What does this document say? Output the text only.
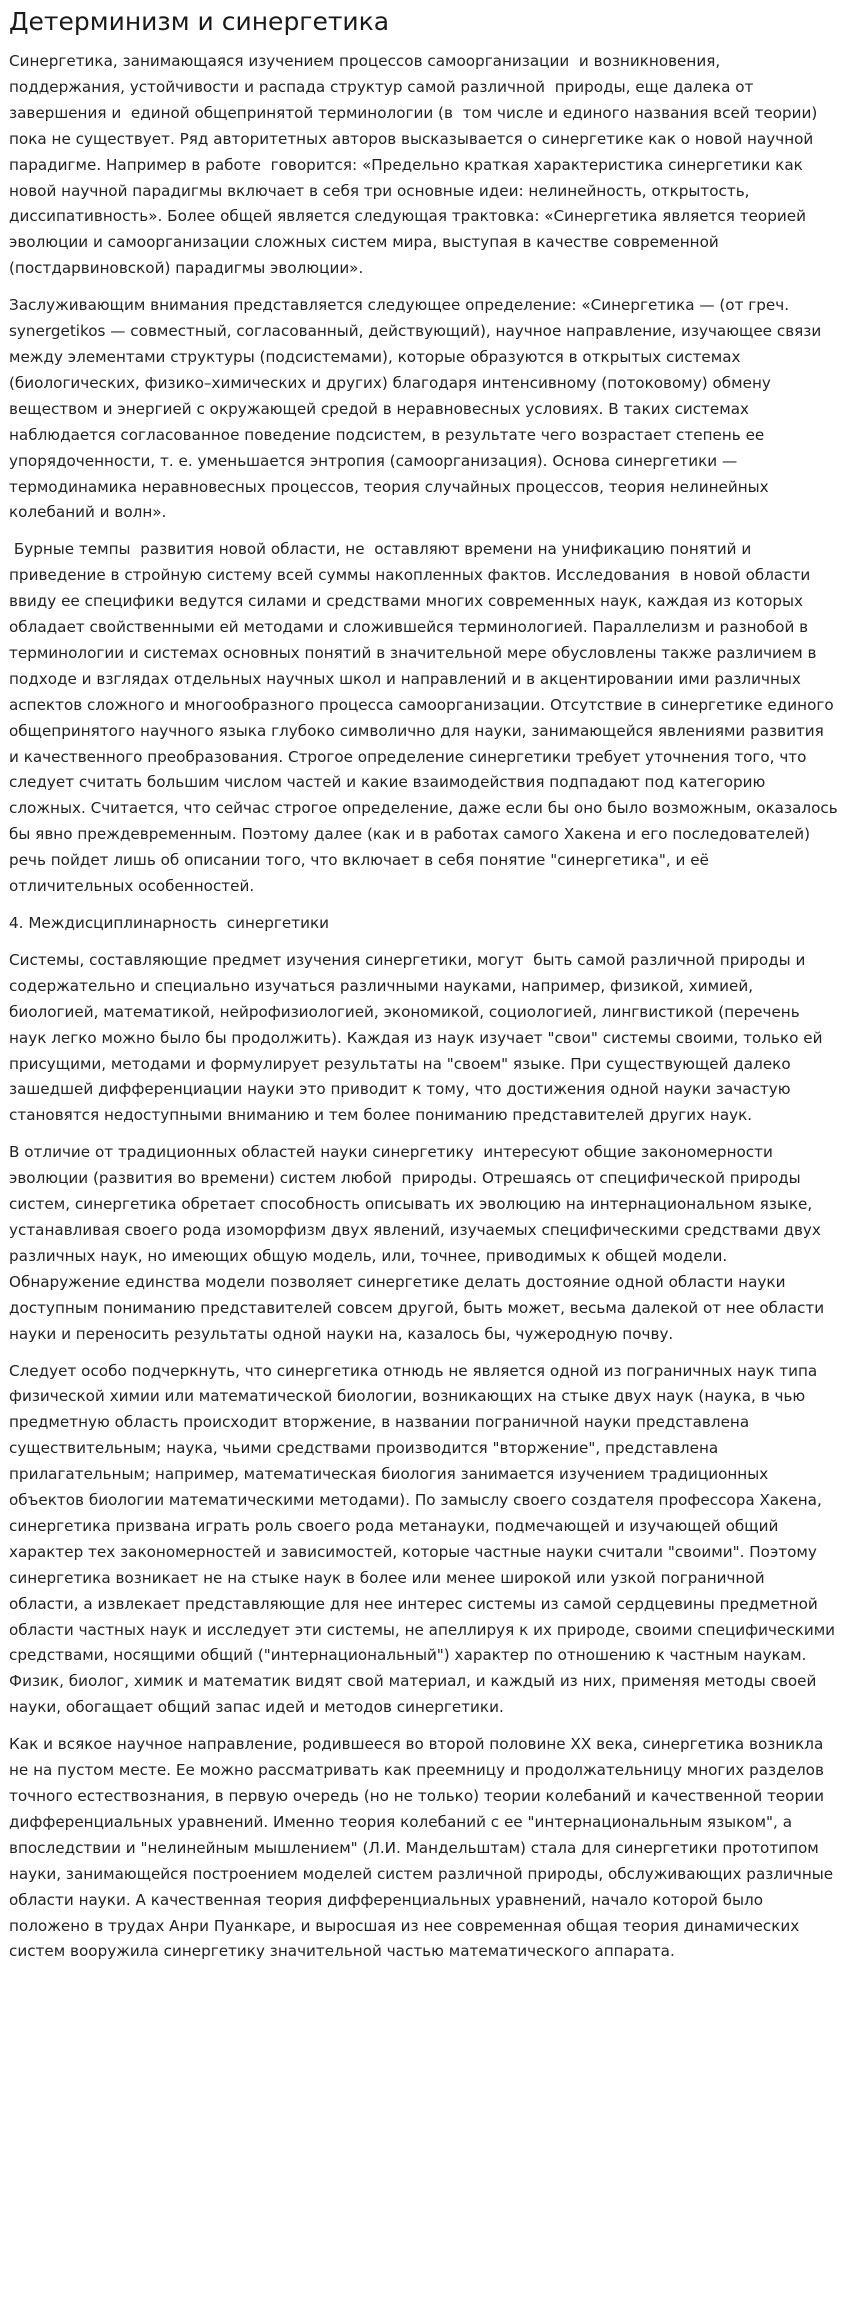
Детерминизм и синергетика

Синергетика, занимающаяся изучением процессов самоорганизации  и возникновения, поддержания, устойчивости и распада структур самой различной  природы, еще далека от завершения и  единой общепринятой терминологии (в  том числе и единого названия всей теории) пока не существует. Ряд авторитетных авторов высказывается о синергетике как о новой научной парадигме. Например в работе  говорится: «Предельно краткая характеристика синергетики как новой научной парадигмы включает в себя три основные идеи: нелинейность, открытость, диссипативность». Более общей является следующая трактовка: «Синергетика является теорией эволюции и самоорганизации сложных систем мира, выступая в качестве современной (постдарвиновской) парадигмы эволюции».

Заслуживающим внимания представляется следующее определение: «Синергетика — (от греч. synergetikos — совместный, согласованный, действующий), научное направление, изучающее связи между элементами структуры (подсистемами), которые образуются в открытых системах (биологических, физико–химических и других) благодаря интенсивному (потоковому) обмену веществом и энергией с окружающей средой в неравновесных условиях. В таких системах наблюдается согласованное поведение подсистем, в результате чего возрастает степень ее упорядоченности, т. е. уменьшается энтропия (самоорганизация). Основа синергетики — термодинамика неравновесных процессов, теория случайных процессов, теория нелинейных колебаний и волн».

Бурные темпы  развития новой области, не  оставляют времени на унификацию понятий и приведение в стройную систему всей суммы накопленных фактов. Исследования  в новой области ввиду ее специфики ведутся силами и средствами многих современных наук, каждая из которых обладает свойственными ей методами и сложившейся терминологией. Параллелизм и разнобой в терминологии и системах основных понятий в значительной мере обусловлены также различием в подходе и взглядах отдельных научных школ и направлений и в акцентировании ими различных аспектов сложного и многообразного процесса самоорганизации. Отсутствие в синергетике единого общепринятого научного языка глубоко символично для науки, занимающейся явлениями развития и качественного преобразования. Строгое определение синергетики требует уточнения того, что следует считать большим числом частей и какие взаимодействия подпадают под категорию сложных. Считается, что сейчас строгое определение, даже если бы оно было возможным, оказалось бы явно преждевременным. Поэтому далее (как и в работах самого Хакена и его последователей) речь пойдет лишь об описании того, что включает в себя понятие "синергетика", и её отличительных особенностей.

4. Междисциплинарность  синергетики

Системы, составляющие предмет изучения синергетики, могут  быть самой различной природы и содержательно и специально изучаться различными науками, например, физикой, химией, биологией, математикой, нейрофизиологией, экономикой, социологией, лингвистикой (перечень наук легко можно было бы продолжить). Каждая из наук изучает "свои" системы своими, только ей присущими, методами и формулирует результаты на "своем" языке. При существующей далеко зашедшей дифференциации науки это приводит к тому, что достижения одной науки зачастую становятся недоступными вниманию и тем более пониманию представителей других наук.

В отличие от традиционных областей науки синергетику  интересуют общие закономерности эволюции (развития во времени) систем любой  природы. Отрешаясь от специфической природы систем, синергетика обретает способность описывать их эволюцию на интернациональном языке, устанавливая своего рода изоморфизм двух явлений, изучаемых специфическими средствами двух различных наук, но имеющих общую модель, или, точнее, приводимых к общей модели. Обнаружение единства модели позволяет синергетике делать достояние одной области науки доступным пониманию представителей совсем другой, быть может, весьма далекой от нее области науки и переносить результаты одной науки на, казалось бы, чужеродную почву.

Следует особо подчеркнуть, что синергетика отнюдь не является одной из пограничных наук типа физической химии или математической биологии, возникающих на стыке двух наук (наука, в чью предметную область происходит вторжение, в названии пограничной науки представлена существительным; наука, чьими средствами производится "вторжение", представлена прилагательным; например, математическая биология занимается изучением традиционных объектов биологии математическими методами). По замыслу своего создателя профессора Хакена, синергетика призвана играть роль своего рода метанауки, подмечающей и изучающей общий характер тех закономерностей и зависимостей, которые частные науки считали "своими". Поэтому синергетика возникает не на стыке наук в более или менее широкой или узкой пограничной области, а извлекает представляющие для нее интерес системы из самой сердцевины предметной области частных наук и исследует эти системы, не апеллируя к их природе, своими специфическими средствами, носящими общий ("интернациональный") характер по отношению к частным наукам. Физик, биолог, химик и математик видят свой материал, и каждый из них, применяя методы своей науки, обогащает общий запас идей и методов синергетики.

Как и всякое научное направление, родившееся во второй половине XX века, синергетика возникла не на пустом месте. Ее можно рассматривать как преемницу и продолжательницу многих разделов точного естествознания, в первую очередь (но не только) теории колебаний и качественной теории дифференциальных уравнений. Именно теория колебаний с ее "интернациональным языком", а впоследствии и "нелинейным мышлением" (Л.И. Мандельштам) стала для синергетики прототипом науки, занимающейся построением моделей систем различной природы, обслуживающих различные области науки. А качественная теория дифференциальных уравнений, начало которой было положено в трудах Анри Пуанкаре, и выросшая из нее современная общая теория динамических систем вооружила синергетику значительной частью математического аппарата.
